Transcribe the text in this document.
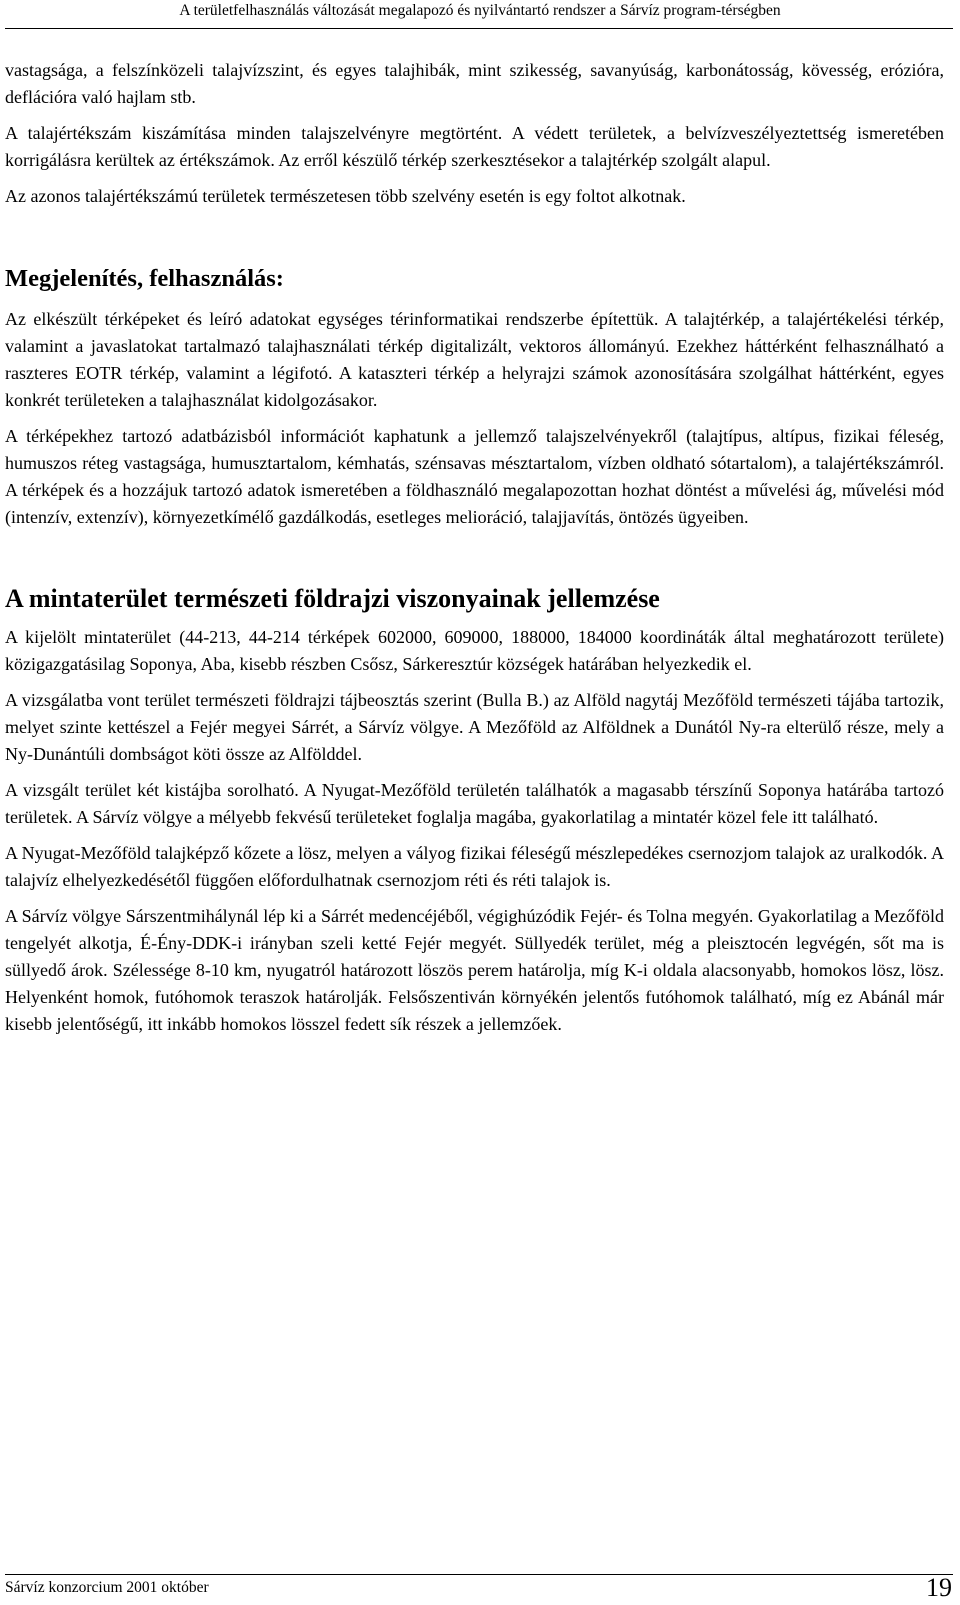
A területfelhasználás változását megalapozó és nyilvántartó rendszer a Sárvíz program-térségben

vastagsága, a felszínközeli talajvízszint, és egyes talajhibák, mint szikesség, savanyúság, karbonátosság, kövesség, erózióra, deflációra való hajlam stb.

A talajértékszám kiszámítása minden talajszelvényre megtörtént. A védett területek, a belvízveszélyeztettség ismeretében korrigálásra kerültek az értékszámok. Az erről készülő térkép szerkesztésekor a talajtérkép szolgált alapul.

Az azonos talajértékszámú területek természetesen több szelvény esetén is egy foltot alkotnak.

Megjelenítés, felhasználás:

Az elkészült térképeket és leíró adatokat egységes térinformatikai rendszerbe építettük. A talajtérkép, a talajértékelési térkép, valamint a javaslatokat tartalmazó talajhasználati térkép digitalizált, vektoros állományú. Ezekhez háttérként felhasználható a raszteres EOTR térkép, valamint a légifotó. A kataszteri térkép a helyrajzi számok azonosítására szolgálhat háttérként, egyes konkrét területeken a talajhasználat kidolgozásakor.

A térképekhez tartozó adatbázisból információt kaphatunk a jellemző talajszelvényekről (talajtípus, altípus, fizikai féleség, humuszos réteg vastagsága, humusztartalom, kémhatás, szénsavas mésztartalom, vízben oldható sótartalom), a talajértékszámról. A térképek és a hozzájuk tartozó adatok ismeretében a földhasználó megalapozottan hozhat döntést a művelési ág, művelési mód (intenzív, extenzív), környezetkímélő gazdálkodás, esetleges melioráció, talajjavítás, öntözés ügyeiben.

A mintaterület természeti földrajzi viszonyainak jellemzése

A kijelölt mintaterület (44-213, 44-214 térképek 602000, 609000, 188000, 184000 koordináták által meghatározott területe) közigazgatásilag Soponya, Aba, kisebb részben Csősz, Sárkeresztúr községek határában helyezkedik el.

A vizsgálatba vont terület természeti földrajzi tájbeosztás szerint (Bulla B.) az Alföld nagytáj Mezőföld természeti tájába tartozik, melyet szinte kettészel a Fejér megyei Sárrét, a Sárvíz völgye. A Mezőföld az Alföldnek a Dunától Ny-ra elterülő része, mely a Ny-Dunántúli dombságot köti össze az Alfölddel.

A vizsgált terület két kistájba sorolható. A Nyugat-Mezőföld területén találhatók a magasabb térszínű Soponya határába tartozó területek. A Sárvíz völgye a mélyebb fekvésű területeket foglalja magába, gyakorlatilag a mintatér közel fele itt található.

A Nyugat-Mezőföld talajképző kőzete a lösz, melyen a vályog fizikai féleségű mészlepedékes csernozjom talajok az uralkodók. A talajvíz elhelyezkedésétől függően előfordulhatnak csernozjom réti és réti talajok is.

A Sárvíz völgye Sárszentmihálynál lép ki a Sárrét medencéjéből, végighúzódik Fejér- és Tolna megyén. Gyakorlatilag a Mezőföld tengelyét alkotja, É-Ény-DDK-i irányban szeli ketté Fejér megyét. Süllyedék terület, még a pleisztocén legvégén, sőt ma is süllyedő árok. Szélessége 8-10 km, nyugatról határozott löszös perem határolja, míg K-i oldala alacsonyabb, homokos lösz, lösz. Helyenként homok, futóhomok teraszok határolják. Felsőszentiván környékén jelentős futóhomok található, míg ez Abánál már kisebb jelentőségű, itt inkább homokos lösszel fedett sík részek a jellemzőek.

Sárvíz konzorcium 2001 október	19
